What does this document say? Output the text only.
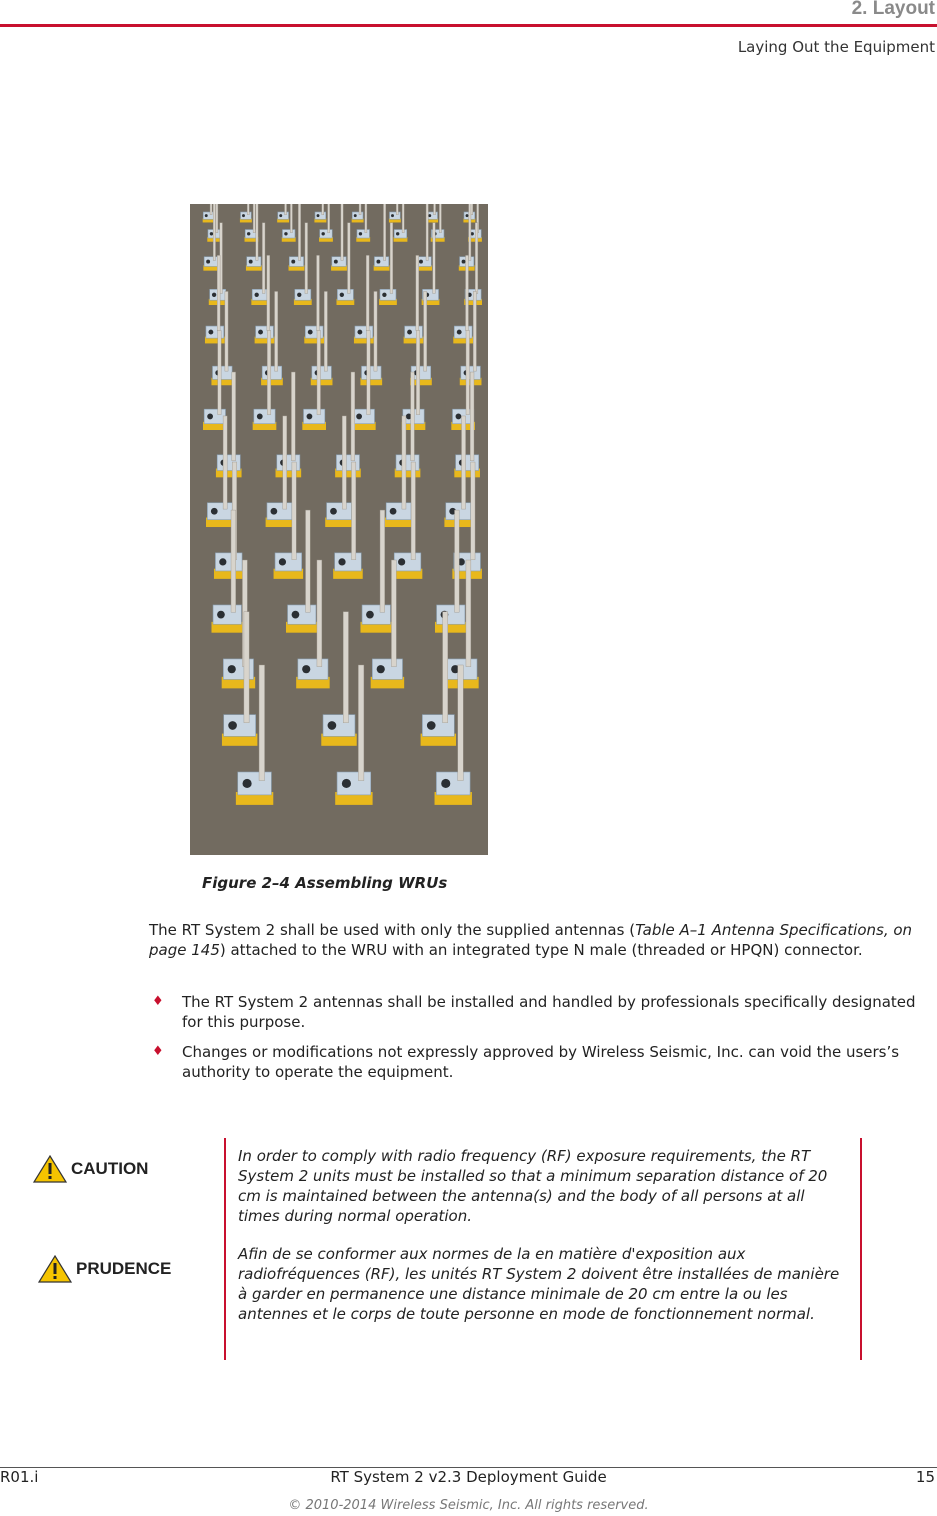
2. Layout
Laying Out the Equipment
Figure 2–4 Assembling WRUs
The RT System 2 shall be used with only the supplied antennas (Table A–1 Antenna Specifications, on page 145) attached to the WRU with an integrated type N male (threaded or HPQN) connector.
♦ The RT System 2 antennas shall be installed and handled by professionals specifically designated for this purpose.
♦ Changes or modifications not expressly approved by Wireless Seismic, Inc. can void the users’s authority to operate the equipment.
CAUTION
In order to comply with radio frequency (RF) exposure requirements, the RT System 2 units must be installed so that a minimum separation distance of 20 cm is maintained between the antenna(s) and the body of all persons at all times during normal operation.
PRUDENCE
Afin de se conformer aux normes de la en matière d'exposition aux radiofréquences (RF), les unités RT System 2 doivent être installées de manière à garder en permanence une distance minimale de 20 cm entre la ou les antennes et le corps de toute personne en mode de fonctionnement normal.
R01.i	RT System 2 v2.3 Deployment Guide	15
© 2010-2014 Wireless Seismic, Inc. All rights reserved.
